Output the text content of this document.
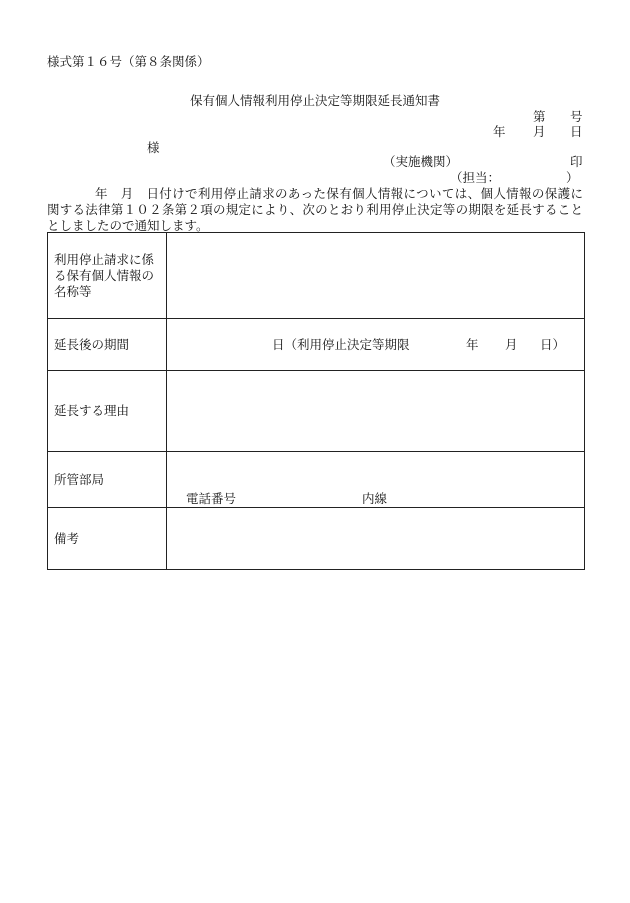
様式第１６号（第８条関係）
保有個人情報利用停止決定等期限延長通知書
第 号
年 月 日
様
（実施機関）	印
（担当：	）
年　月　日付けで利用停止請求のあった保有個人情報については、個人情報の保護に
関する法律第１０２条第２項の規定により、次のとおり利用停止決定等の期限を延長すること
としましたので通知します。
利用停止請求に係る保有個人情報の名称等	

延長後の期間	日（利用停止決定等期限 年 月 日）

延長する理由	

所管部局	電話番号 内線

備考	
